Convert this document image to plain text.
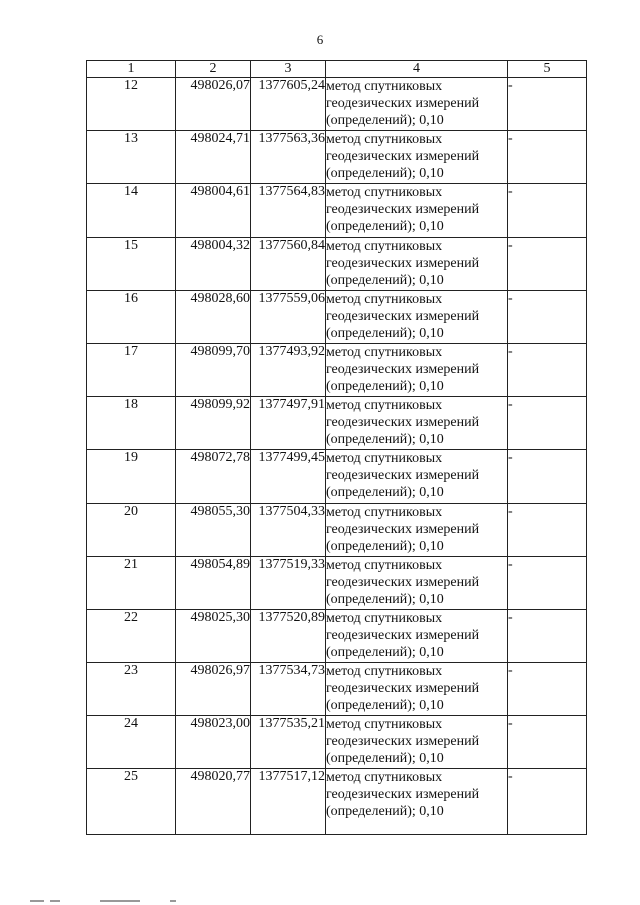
6
1	2	3	4	5
12	498026,07	1377605,24	метод спутниковых
геодезических измерений
(определений); 0,10	-
13	498024,71	1377563,36	метод спутниковых
геодезических измерений
(определений); 0,10	-
14	498004,61	1377564,83	метод спутниковых
геодезических измерений
(определений); 0,10	-
15	498004,32	1377560,84	метод спутниковых
геодезических измерений
(определений); 0,10	-
16	498028,60	1377559,06	метод спутниковых
геодезических измерений
(определений); 0,10	-
17	498099,70	1377493,92	метод спутниковых
геодезических измерений
(определений); 0,10	-
18	498099,92	1377497,91	метод спутниковых
геодезических измерений
(определений); 0,10	-
19	498072,78	1377499,45	метод спутниковых
геодезических измерений
(определений); 0,10	-
20	498055,30	1377504,33	метод спутниковых
геодезических измерений
(определений); 0,10	-
21	498054,89	1377519,33	метод спутниковых
геодезических измерений
(определений); 0,10	-
22	498025,30	1377520,89	метод спутниковых
геодезических измерений
(определений); 0,10	-
23	498026,97	1377534,73	метод спутниковых
геодезических измерений
(определений); 0,10	-
24	498023,00	1377535,21	метод спутниковых
геодезических измерений
(определений); 0,10	-
25	498020,77	1377517,12	метод спутниковых
геодезических измерений
(определений); 0,10	-
